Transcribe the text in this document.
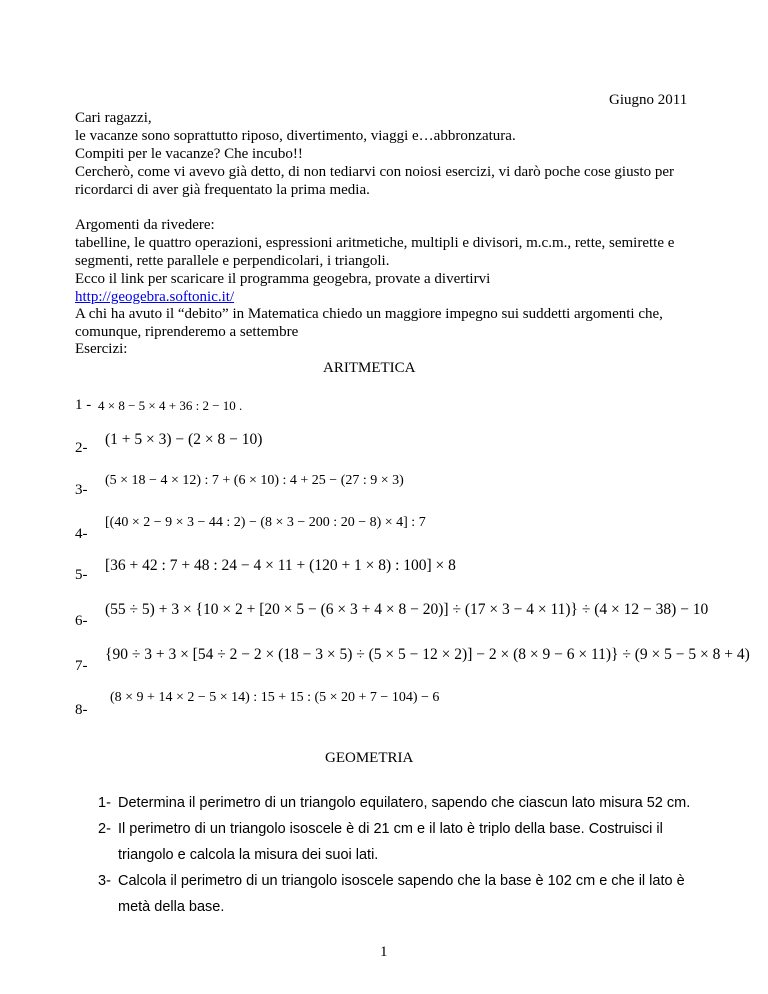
Giugno 2011
Cari ragazzi,
le vacanze sono soprattutto riposo, divertimento, viaggi e…abbronzatura.
Compiti per le vacanze? Che incubo!!
Cercherò, come vi avevo già detto, di non tediarvi con noiosi esercizi, vi darò poche cose giusto per
ricordarci di aver già frequentato la prima media.
Argomenti da rivedere:
tabelline, le quattro operazioni, espressioni aritmetiche, multipli e divisori, m.c.m., rette, semirette e
segmenti, rette parallele e perpendicolari, i triangoli.
Ecco il link per scaricare il programma geogebra, provate a divertirvi
http://geogebra.softonic.it/
A chi ha avuto il “debito” in Matematica chiedo un maggiore impegno sui suddetti argomenti che,
comunque, riprenderemo a settembre
Esercizi:
ARITMETICA
1 - 4 × 8 − 5 × 4 + 36 : 2 − 10 .
2- (1 + 5 × 3) − (2 × 8 − 10)
3-
(5 × 18 − 4 × 12) : 7 + (6 × 10) : 4 + 25 − (27 : 9 × 3)
4-
[(40 × 2 − 9 × 3 − 44 : 2) − (8 × 3 − 200 : 20 − 8) × 4] : 7
5-
[36 + 42 : 7 + 48 : 24 − 4 × 11 + (120 + 1 × 8) : 100] × 8
6-
(55 ÷ 5) + 3 × {10 × 2 + [20 × 5 − (6 × 3 + 4 × 8 − 20)] ÷ (17 × 3 − 4 × 11)} ÷ (4 × 12 − 38) − 10
7-
{90 ÷ 3 + 3 × [54 ÷ 2 − 2 × (18 − 3 × 5) ÷ (5 × 5 − 12 × 2)] − 2 × (8 × 9 − 6 × 11)} ÷ (9 × 5 − 5 × 8 + 4)
8-
(8 × 9 + 14 × 2 − 5 × 14) : 15 + 15 : (5 × 20 + 7 − 104) − 6
GEOMETRIA
1- Determina il perimetro di un triangolo equilatero, sapendo che ciascun lato misura 52 cm.
2- Il perimetro di un triangolo isoscele è di 21 cm e il lato è triplo della base. Costruisci il
triangolo e calcola la misura dei suoi lati.
3- Calcola il perimetro di un triangolo isoscele sapendo che la base è 102 cm e che il lato è
metà della base.
1
